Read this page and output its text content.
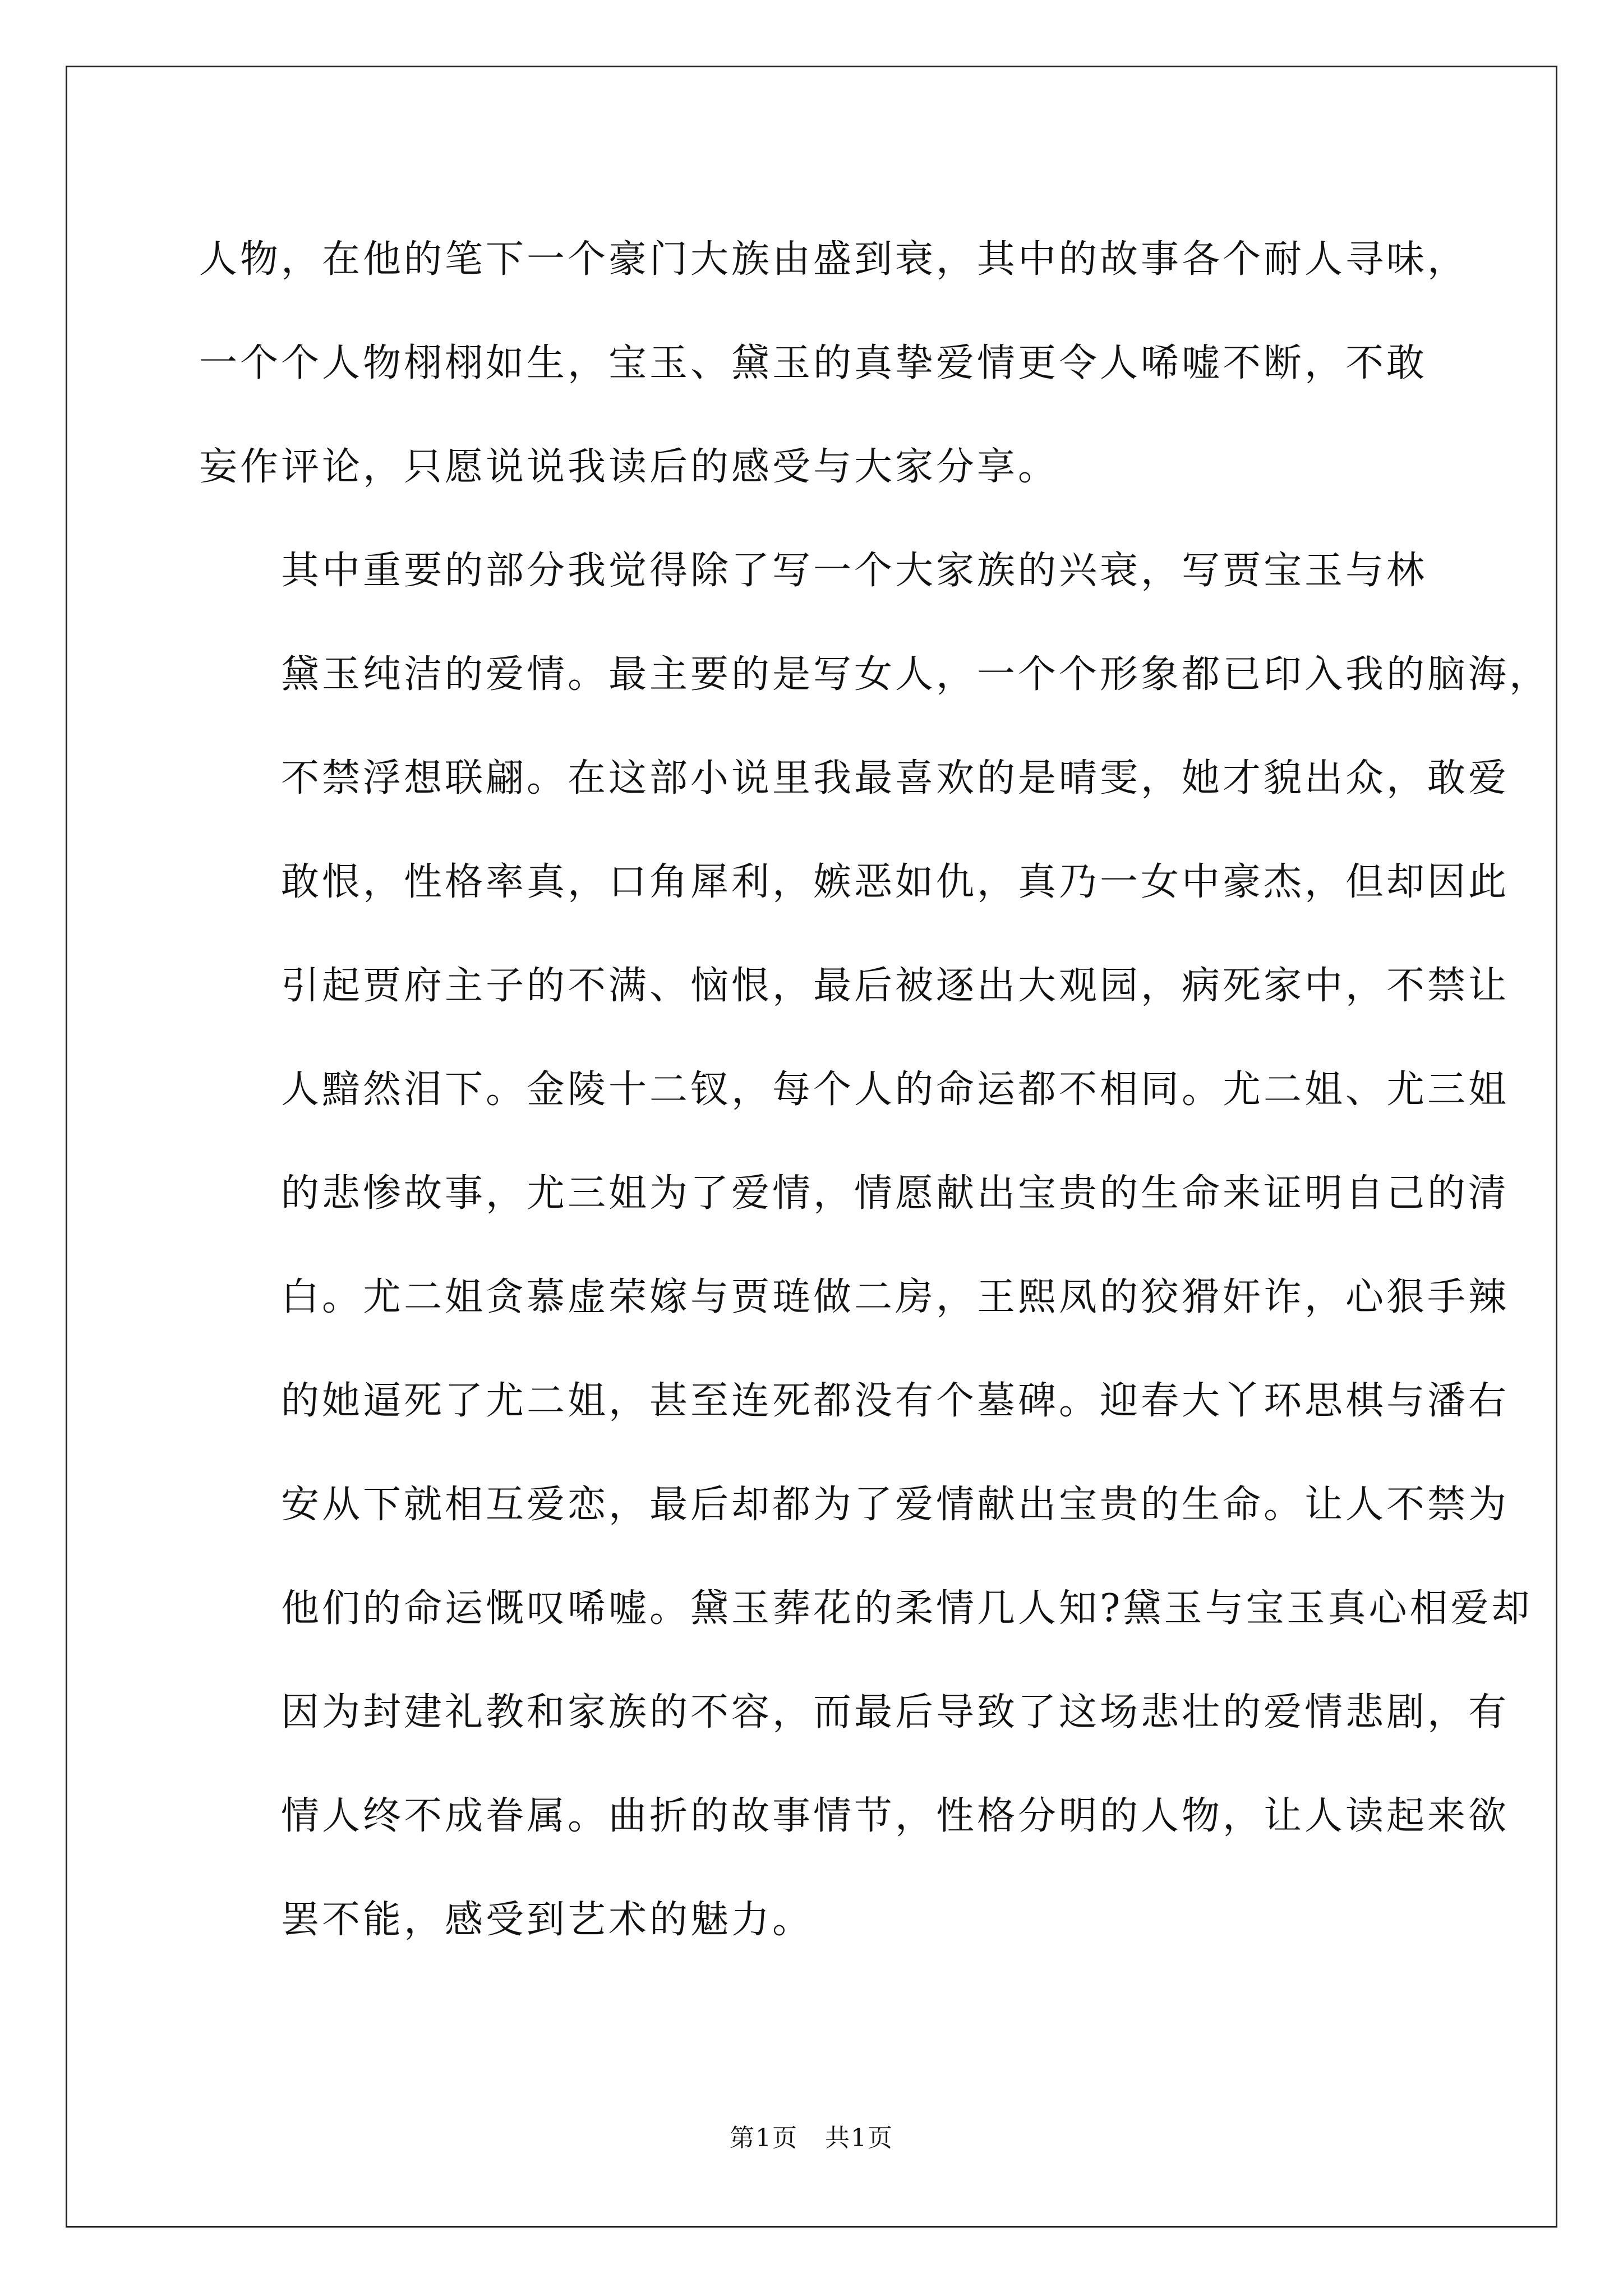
人物，在他的笔下一个豪门大族由盛到衰，其中的故事各个耐人寻味，
一个个人物栩栩如生，宝玉、黛玉的真挚爱情更令人唏嘘不断，不敢
妄作评论，只愿说说我读后的感受与大家分享。

其中重要的部分我觉得除了写一个大家族的兴衰，写贾宝玉与林
黛玉纯洁的爱情。最主要的是写女人，一个个形象都已印入我的脑海，
不禁浮想联翩。在这部小说里我最喜欢的是晴雯，她才貌出众，敢爱
敢恨，性格率真，口角犀利，嫉恶如仇，真乃一女中豪杰，但却因此
引起贾府主子的不满、恼恨，最后被逐出大观园，病死家中，不禁让
人黯然泪下。金陵十二钗，每个人的命运都不相同。尤二姐、尤三姐
的悲惨故事，尤三姐为了爱情，情愿献出宝贵的生命来证明自己的清
白。尤二姐贪慕虚荣嫁与贾琏做二房，王熙凤的狡猾奸诈，心狠手辣
的她逼死了尤二姐，甚至连死都没有个墓碑。迎春大丫环思棋与潘右
安从下就相互爱恋，最后却都为了爱情献出宝贵的生命。让人不禁为
他们的命运慨叹唏嘘。黛玉葬花的柔情几人知?黛玉与宝玉真心相爱却
因为封建礼教和家族的不容，而最后导致了这场悲壮的爱情悲剧，有
情人终不成眷属。曲折的故事情节，性格分明的人物，让人读起来欲
罢不能，感受到艺术的魅力。

第1页   共1页
